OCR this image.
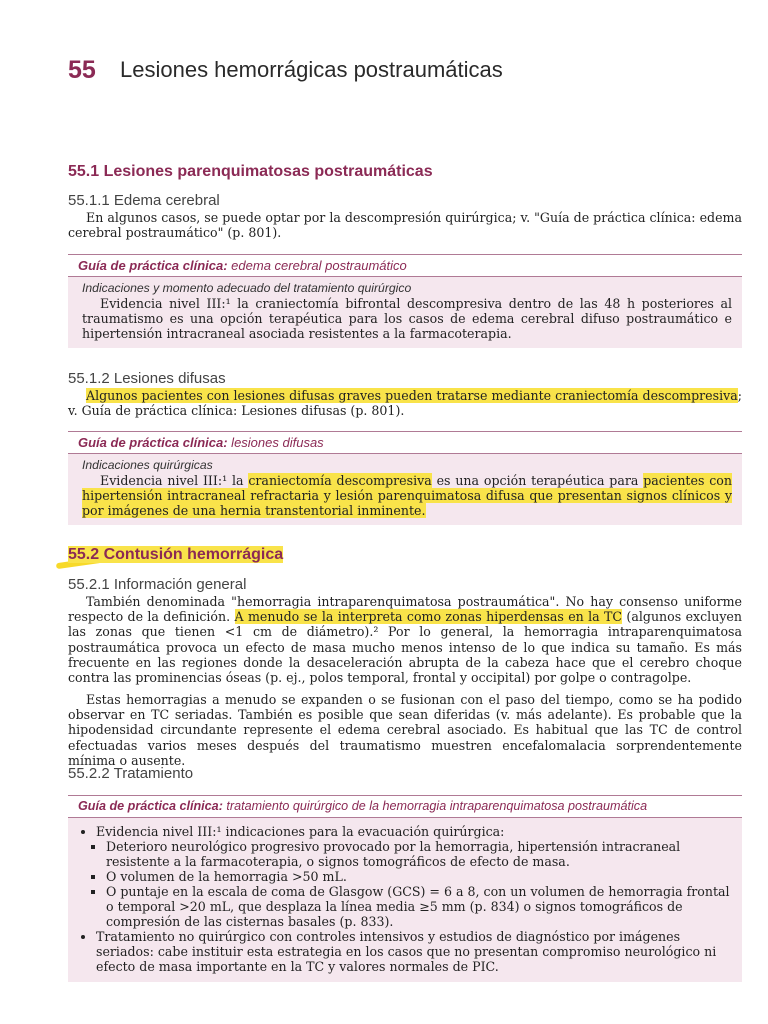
55 Lesiones hemorrágicas postraumáticas
55.1 Lesiones parenquimatosas postraumáticas
55.1.1 Edema cerebral
En algunos casos, se puede optar por la descompresión quirúrgica; v. "Guía de práctica clínica: edema cerebral postraumático" (p. 801).
Guía de práctica clínica: edema cerebral postraumático
Indicaciones y momento adecuado del tratamiento quirúrgico
Evidencia nivel III:¹ la craniectomía bifrontal descompresiva dentro de las 48 h posteriores al traumatismo es una opción terapéutica para los casos de edema cerebral difuso postraumático e hipertensión intracraneal asociada resistentes a la farmacoterapia.
55.1.2 Lesiones difusas
Algunos pacientes con lesiones difusas graves pueden tratarse mediante craniectomía descompresiva; v. Guía de práctica clínica: Lesiones difusas (p. 801).
Guía de práctica clínica: lesiones difusas
Indicaciones quirúrgicas
Evidencia nivel III:¹ la craniectomía descompresiva es una opción terapéutica para pacientes con hipertensión intracraneal refractaria y lesión parenquimatosa difusa que presentan signos clínicos y por imágenes de una hernia transtentorial inminente.
55.2 Contusión hemorrágica
55.2.1 Información general
También denominada "hemorragia intraparenquimatosa postraumática". No hay consenso uniforme respecto de la definición. A menudo se la interpreta como zonas hiperdensas en la TC (algunos excluyen las zonas que tienen <1 cm de diámetro).² Por lo general, la hemorragia intraparenquimatosa postraumática provoca un efecto de masa mucho menos intenso de lo que indica su tamaño. Es más frecuente en las regiones donde la desaceleración abrupta de la cabeza hace que el cerebro choque contra las prominencias óseas (p. ej., polos temporal, frontal y occipital) por golpe o contragolpe.
Estas hemorragias a menudo se expanden o se fusionan con el paso del tiempo, como se ha podido observar en TC seriadas. También es posible que sean diferidas (v. más adelante). Es probable que la hipodensidad circundante represente el edema cerebral asociado. Es habitual que las TC de control efectuadas varios meses después del traumatismo muestren encefalomalacia sorprendentemente mínima o ausente.
55.2.2 Tratamiento
Guía de práctica clínica: tratamiento quirúrgico de la hemorragia intraparenquimatosa postraumática
• Evidencia nivel III:¹ indicaciones para la evacuación quirúrgica:
▪ Deterioro neurológico progresivo provocado por la hemorragia, hipertensión intracraneal resistente a la farmacoterapia, o signos tomográficos de efecto de masa.
▪ O volumen de la hemorragia >50 mL.
▪ O puntaje en la escala de coma de Glasgow (GCS) = 6 a 8, con un volumen de hemorragia frontal o temporal >20 mL, que desplaza la línea media ≥5 mm (p. 834) o signos tomográficos de compresión de las cisternas basales (p. 833).
• Tratamiento no quirúrgico con controles intensivos y estudios de diagnóstico por imágenes seriados: cabe instituir esta estrategia en los casos que no presentan compromiso neurológico ni efecto de masa importante en la TC y valores normales de PIC.
